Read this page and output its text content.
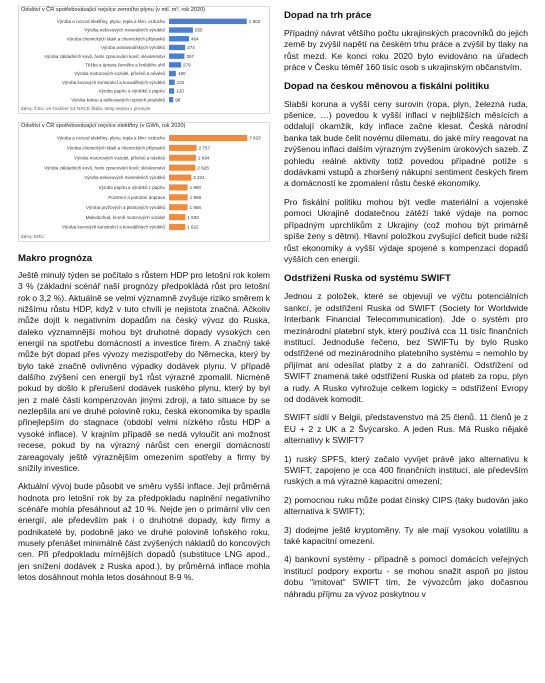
Odvětví v ČR spotřebovávající nejvíce zemního plynu (v mil. m³, rok 2020)
Výroba a rozvod elektřiny, plynu, tepla a klim. vzduchu	1 802
Výroba nekovových minerálních výrobků	555
Výroba chemických látek a chemických přípravků	464
Výroba potravinářských výrobků	374
Výroba základních kovů, hutní zpracování kovů; slévárenství	357
Těžba a úprava černého a hnědého uhlí	279
Výroba motorových vozidel, přívěsů a návěsů	160
Výroba kovových konstrukcí a kovodělných výrobků	132
Výroba papíru a výrobků z papíru 120
Výroba koksu a rafinovaných ropných produktů 98
Zdroj: ČSÚ, ve značení CZ NACE škála, testy nejsou v promyle
Odvětví v ČR spotřebovávající nejvíce elektřiny (v GWh, rok 2020)
Výroba a rozvod elektřiny, plynu, tepla a klim. vzduchu	7 823
Výroba chemických látek a chemických přípravků	2 757
Výroba motorových vozidel, přívěsů a návěsů	2 694
Výroba základních kovů, hutní zpracování kovů; slévárenství	2 628
Výroba nekovových minerálních výrobků	2 224
Výroba papíru a výrobků z papíru	1 860
Pozemní a potrubní doprava	1 868
Výroba pryžových a plastových výrobků	1 856
Maloobchod, kromě motorových vozidel	1 633
Výroba kovových konstrukcí a kovodělných výrobků	1 622
Zdroj: ERÚ
Makro prognóza

Ještě minulý týden se počítalo s růstem HDP pro letošní rok kolem 3 % (základní scénář naší prognózy předpokládá růst pro letošní rok o 3,2 %). Aktuálně se velmi významně zvyšuje riziko směrem k nižšímu růstu HDP, když v tuto chvíli je nejistota značná. Ačkoliv může dojít k negativním dopadům na český vývoz do Ruska, daleko významnější mohou být druhotné dopady vysokých cen energií na spotřebu domácností a investice firem. A značný také může být dopad přes vývozy mezispotřeby do Německa, který by bylo také značně ovlivněno výpadky dodávek plynu. V případě dalšího zvýšení cen energií by1 růst výrazně zpomalil. Nicméně pokud by došlo k přerušení dodávek ruského plynu, který by byl jen z malé části kompenzován jinými zdroji, a tato situace by se nezlepšila ani ve druhé polovině roku, česká ekonomika by spadla přinejlepším do stagnace (období velmi nízkého růstu HDP a vysoké inflace). V krajním případě se nedá vyloučit ani možnost recese, pokud by na výrazný nárůst cen energií domácnosti zareagovaly ještě výraznějším omezením spotřeby a firmy by snížily investice.

Aktuální vývoj bude působit ve směru vyšší inflace. Její průměrná hodnota pro letošní rok by za předpokladu naplnění negativního scénáře mohla přesáhnout až 10 %. Nejde jen o primární vliv cen energií, ale především pak i o druhotné dopady, kdy firmy a podnikatelé by, podobně jako ve druhé polovině loňského roku, musely přenášet minimálně část zvýšených nákladů do koncových cen. Při předpokladu mírnějších dopadů (substituce LNG apod., jen snížení dodávek z Ruska apod.), by průměrná inflace mohla letos dosáhnout mohla letos dosáhnout 8-9 %.

Dopad na trh práce

Případný návrat většího počtu ukrajinských pracovníků do jejich země by zvýšil napětí na českém trhu práce a zvýšil by tlaky na růst mezd. Ke konci roku 2020 bylo evidováno na úřadech práce v Česku téměř 160 tisíc osob s ukrajinským občanstvím.

Dopad na českou měnovou a fiskální politiku

Slabší koruna a vyšší ceny surovin (ropa, plyn, železná ruda, pšenice, …) povedou k vyšší inflaci v nejbližších měsících a oddalují okamžik, kdy inflace začne klesat. Česká národní banka tak bude čelit novému dilematu, do jaké míry reagovat na zvýšenou inflaci dalším výrazným zvýšením úrokových sazeb. Z pohledu reálné aktivity totiž povedou případné potíže s dodávkami vstupů a zhoršený nákupní sentiment českých firem a domácností ke zpomalení růstu české ekonomiky.

Pro fiskální politiku mohou být vedle materiální a vojenské pomoci Ukrajině dodatečnou zátěží také výdaje na pomoc případným uprchlíkům z Ukrajiny (což mohou být primárně spíše ženy s dětmi). Hlavní položkou zvyšující deficit bude nižší růst ekonomiky a vyšší výdaje spojené s kompenzací dopadů vyšších cen energií.

Odstřižení Ruska od systému SWIFT

Jednou z položek, které se objevují ve výčtu potenciálních sankcí, je odstřižení Ruska od SWIFT (Society for Worldwide Interbank Financial Telecommunication). Jde o systém pro mezinárodní platební styk, který používá cca 11 tisíc finančních institucí. Jednoduše řečeno, bez SWIFTu by bylo Rusko odstřižené od mezinárodního platebního systému = nemohlo by přijímat ani odesílat platby z a do zahraničí. Odstřižení od SWIFT znamená také odstřižení Ruska od plateb za ropu, plyn a rudy. A Rusko vyhrožuje celkem logicky = odstřižení Evropy od dodávek komodit.

SWIFT sídlí v Belgii, představenstvo má 25 členů. 11 členů je z EU + 2 z UK a 2 Švýcarsko. A jeden Rus. Má Rusko nějaké alternativy k SWIFT?

1) ruský SPFS, který začalo vyvíjet právě jako alternativu k SWIFT, zapojeno je cca 400 finančních institucí, ale především ruských a má výrazné kapacitní omezení;

2) pomocnou ruku může podat čínský CIPS (taky budován jako alternativa k SWIFT);

3) dodejme ještě kryptoměny. Ty ale mají vysokou volatilitu a také kapacitní omezení.

4) bankovní systémy - případně s pomocí domácích veřejných institucí podpory exportu - se mohou snažit aspoň po jistou dobu "imitovat" SWIFT tím, že vývozcům jako dočasnou náhradu příjmu za vývoz poskytnou v
